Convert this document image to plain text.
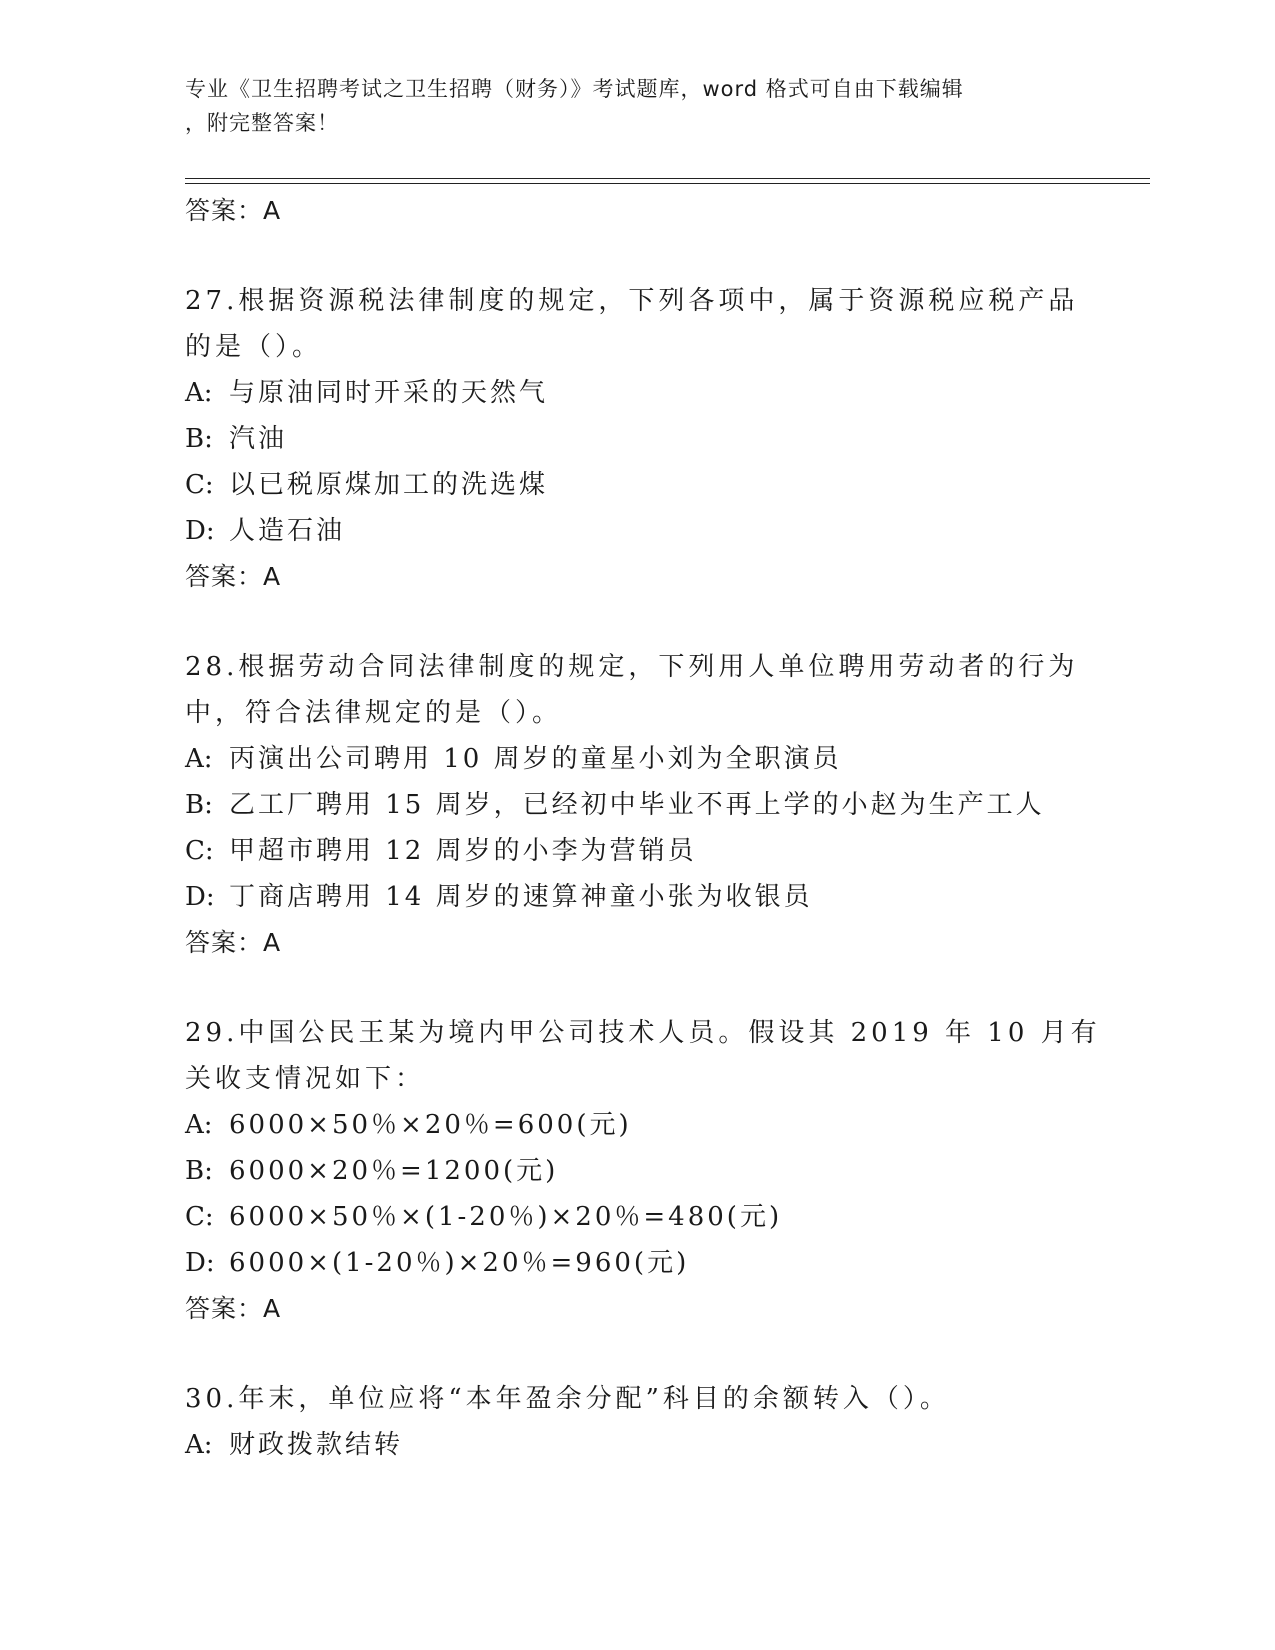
专业《卫生招聘考试之卫生招聘（财务）》考试题库，word 格式可自由下载编辑
，附完整答案！
答案：A
27.根据资源税法律制度的规定，下列各项中，属于资源税应税产品的是（）。
A: 与原油同时开采的天然气
B: 汽油
C: 以已税原煤加工的洗选煤
D: 人造石油
答案：A
28.根据劳动合同法律制度的规定，下列用人单位聘用劳动者的行为中，符合法律规定的是（）。
A: 丙演出公司聘用 10 周岁的童星小刘为全职演员
B: 乙工厂聘用 15 周岁，已经初中毕业不再上学的小赵为生产工人
C: 甲超市聘用 12 周岁的小李为营销员
D: 丁商店聘用 14 周岁的速算神童小张为收银员
答案：A
29.中国公民王某为境内甲公司技术人员。假设其 2019 年 10 月有关收支情况如下：
A: 6000×50％×20％=600(元)
B: 6000×20％=1200(元)
C: 6000×50％×(1-20％)×20％=480(元)
D: 6000×(1-20％)×20％=960(元)
答案：A
30.年末，单位应将“本年盈余分配”科目的余额转入（）。
A: 财政拨款结转
